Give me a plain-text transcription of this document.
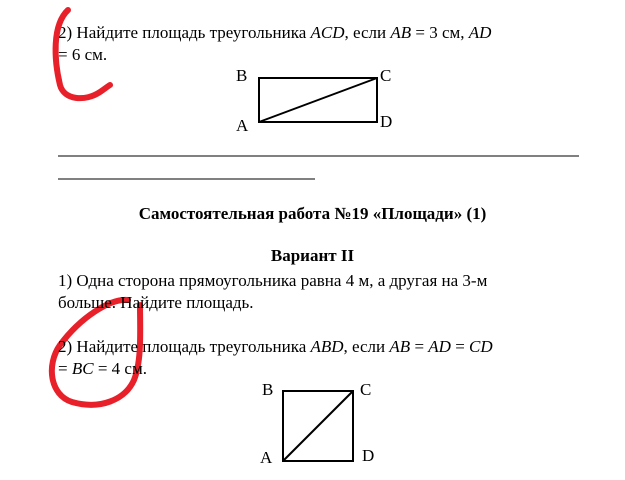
2) Найдите площадь треугольника ACD, если AB = 3 см, AD
= 6 см.
B	C
A	D
Самостоятельная работа №19 «Площади» (1)
Вариант II
1) Одна сторона прямоугольника равна 4 м, а другая на 3-м
больше. Найдите площадь.
2) Найдите площадь треугольника ABD, если AB = AD = CD
= BC = 4 см.
B	C
A	D
